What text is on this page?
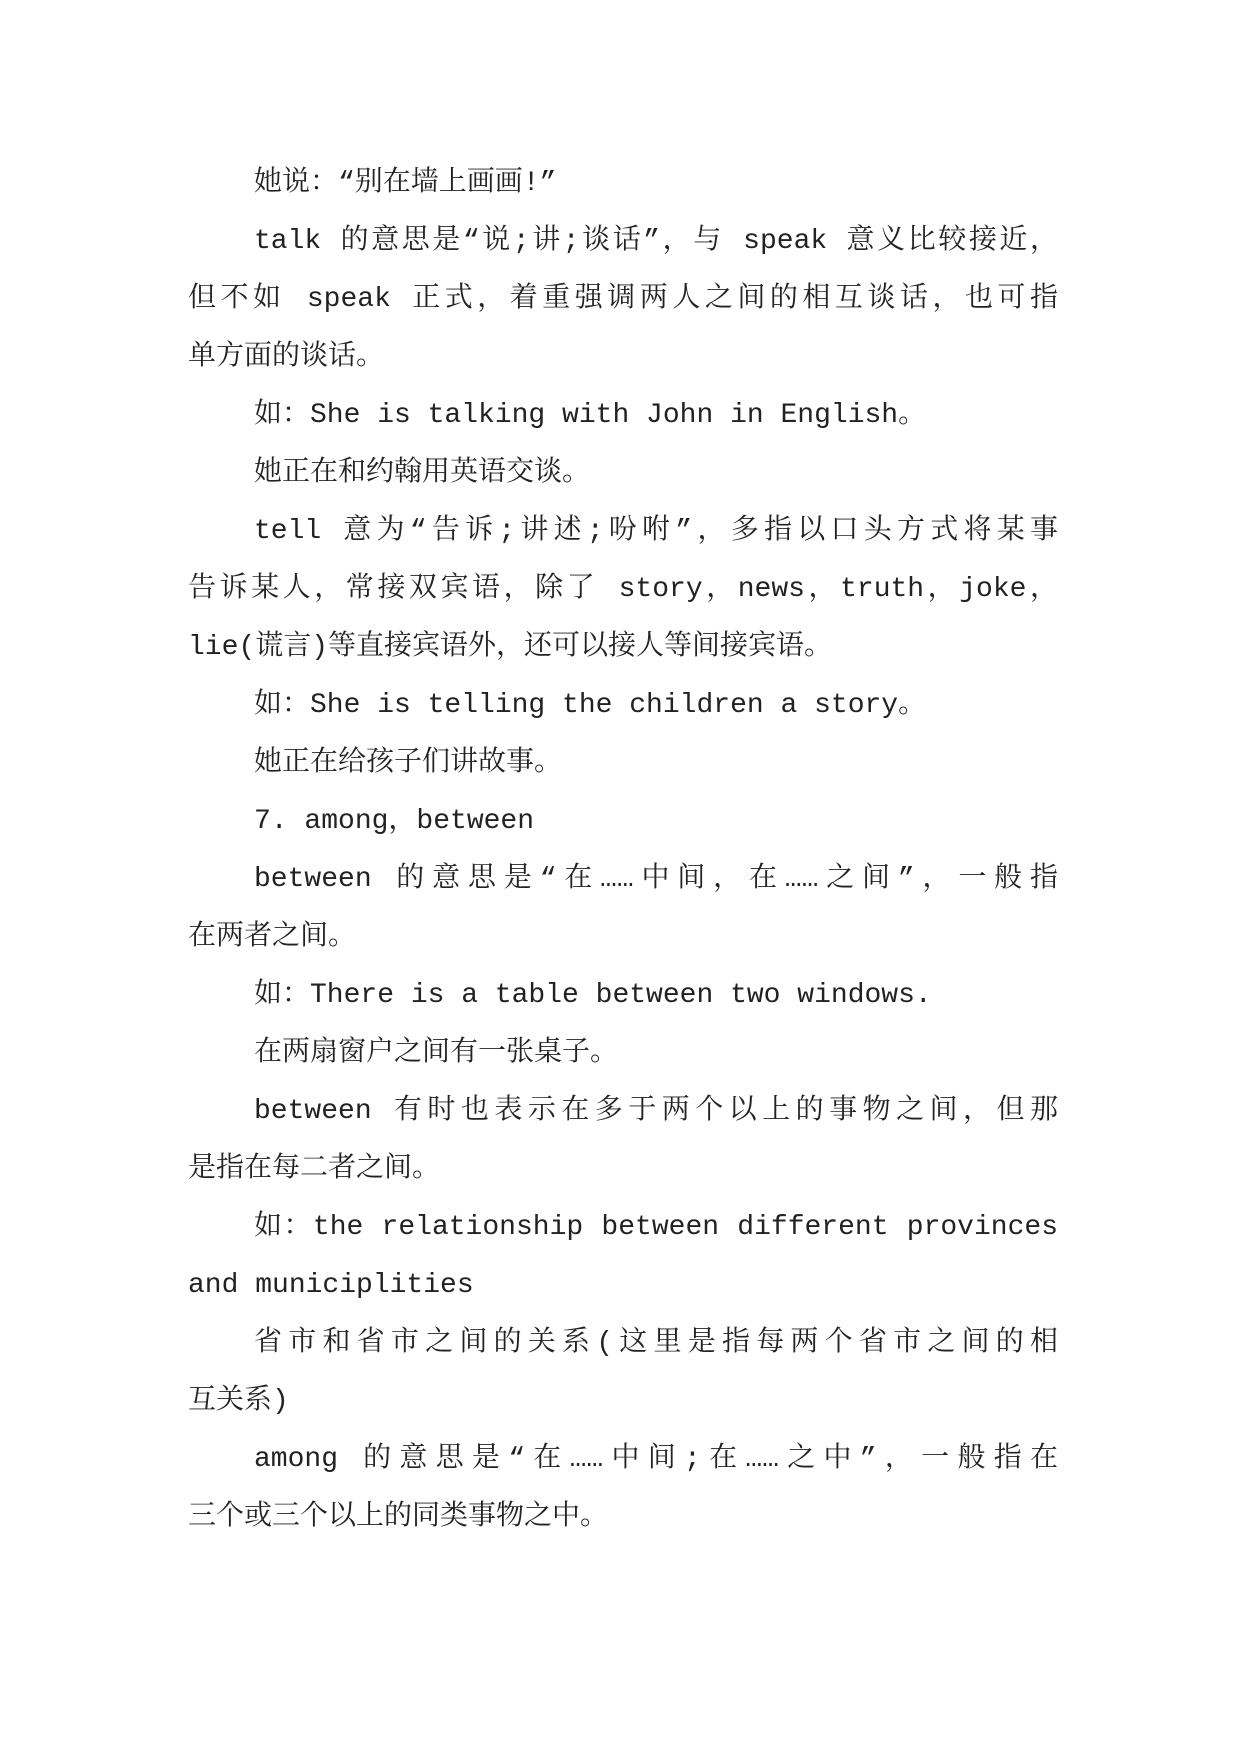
她说：“别在墙上画画!”
talk 的意思是“说;讲;谈话”，与 speak 意义比较接近，
但不如 speak 正式，着重强调两人之间的相互谈话，也可指
单方面的谈话。
如：She is talking with John in English。
她正在和约翰用英语交谈。
tell 意为“告诉;讲述;吩咐”，多指以口头方式将某事
告诉某人，常接双宾语，除了 story，news，truth，joke，
lie(谎言)等直接宾语外，还可以接人等间接宾语。
如：She is telling the children a story。
她正在给孩子们讲故事。
7. among，between
between 的意思是“在……中间，在……之间”，一般指
在两者之间。
如：There is a table between two windows.
在两扇窗户之间有一张桌子。
between 有时也表示在多于两个以上的事物之间，但那
是指在每二者之间。
如：the relationship between different provinces
and municiplities
省市和省市之间的关系(这里是指每两个省市之间的相
互关系)
among 的意思是“在……中间;在……之中”，一般指在
三个或三个以上的同类事物之中。
